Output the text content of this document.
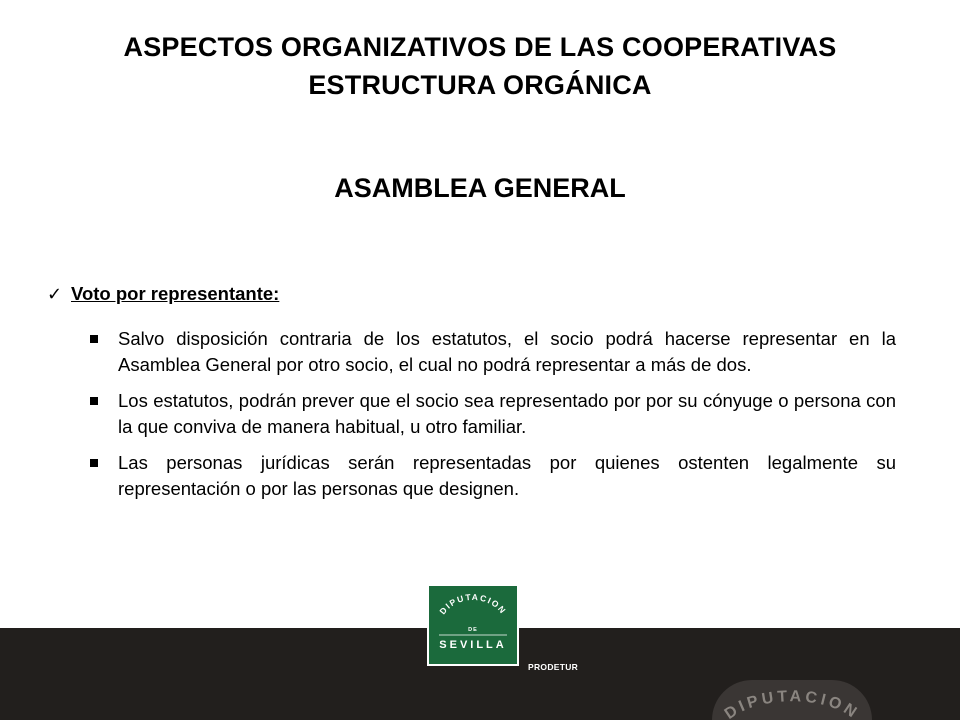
ASPECTOS ORGANIZATIVOS DE LAS COOPERATIVAS
ESTRUCTURA ORGÁNICA
ASAMBLEA GENERAL
✓ Voto por representante:
Salvo disposición contraria de los estatutos, el socio podrá hacerse representar en la Asamblea General por otro socio, el cual no podrá representar a más de dos.
Los estatutos, podrán prever que el socio sea representado por por su cónyuge o persona con la que conviva de manera habitual, u otro familiar.
Las personas jurídicas serán representadas por quienes ostenten legalmente su representación o por las personas que designen.
DIPUTACION
DE
SEVILLA
PRODETUR
DIPUTACION
